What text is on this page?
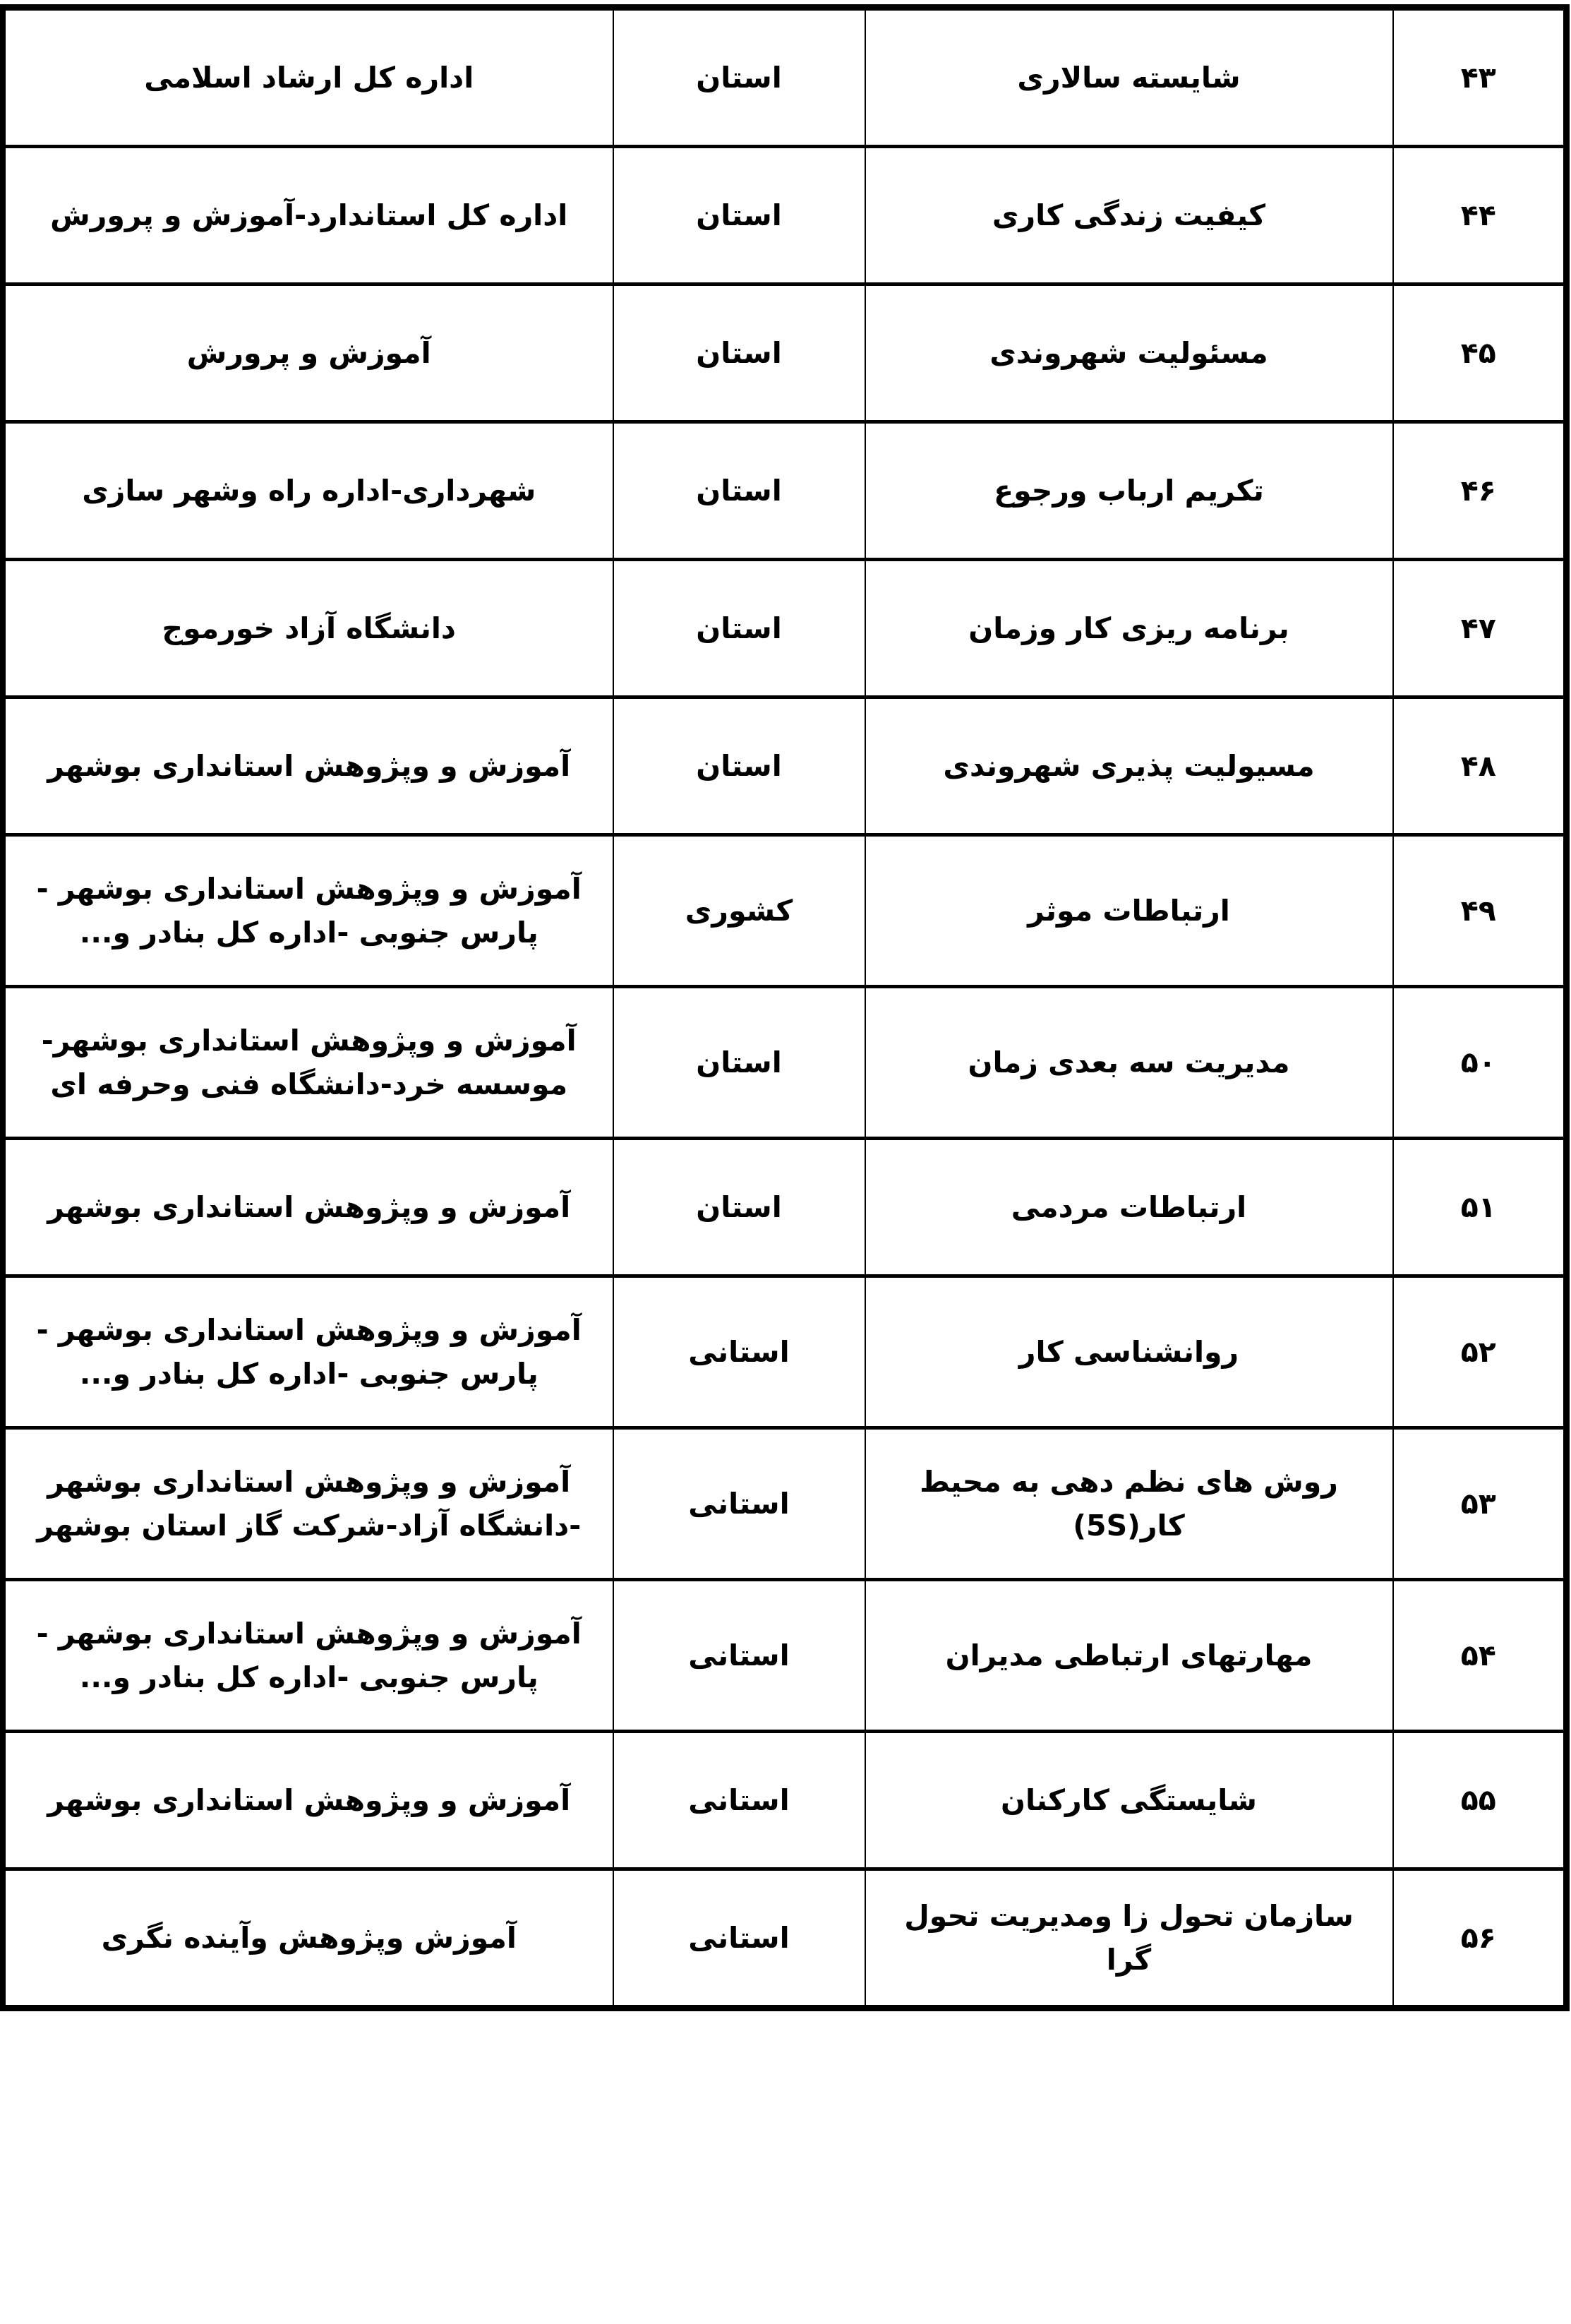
۴۳	شایسته سالاری	استان	اداره کل ارشاد اسلامی
۴۴	کیفیت زندگی کاری	استان	اداره کل استاندارد-آموزش و پرورش
۴۵	مسئولیت شهروندی	استان	آموزش و پرورش
۴۶	تکریم ارباب ورجوع	استان	شهرداری-اداره راه وشهر سازی
۴۷	برنامه ریزی کار وزمان	استان	دانشگاه آزاد خورموج
۴۸	مسیولیت پذیری شهروندی	استان	آموزش و وپژوهش استانداری بوشهر
۴۹	ارتباطات موثر	کشوری	آموزش و وپژوهش استانداری بوشهر - پارس جنوبی -اداره کل بنادر و...
۵۰	مدیریت سه بعدی زمان	استان	آموزش و وپژوهش استانداری بوشهر-موسسه خرد-دانشگاه فنی وحرفه ای
۵۱	ارتباطات مردمی	استان	آموزش و وپژوهش استانداری بوشهر
۵۲	روانشناسی کار	استانی	آموزش و وپژوهش استانداری بوشهر - پارس جنوبی -اداره کل بنادر و...
۵۳	روش های نظم دهی به محیط کار(5S)	استانی	آموزش و وپژوهش استانداری بوشهر -دانشگاه آزاد-شرکت گاز استان بوشهر
۵۴	مهارتهای ارتباطی مدیران	استانی	آموزش و وپژوهش استانداری بوشهر - پارس جنوبی -اداره کل بنادر و...
۵۵	شایستگی کارکنان	استانی	آموزش و وپژوهش استانداری بوشهر
۵۶	سازمان تحول زا ومدیریت تحول گرا	استانی	آموزش وپژوهش وآینده نگری
